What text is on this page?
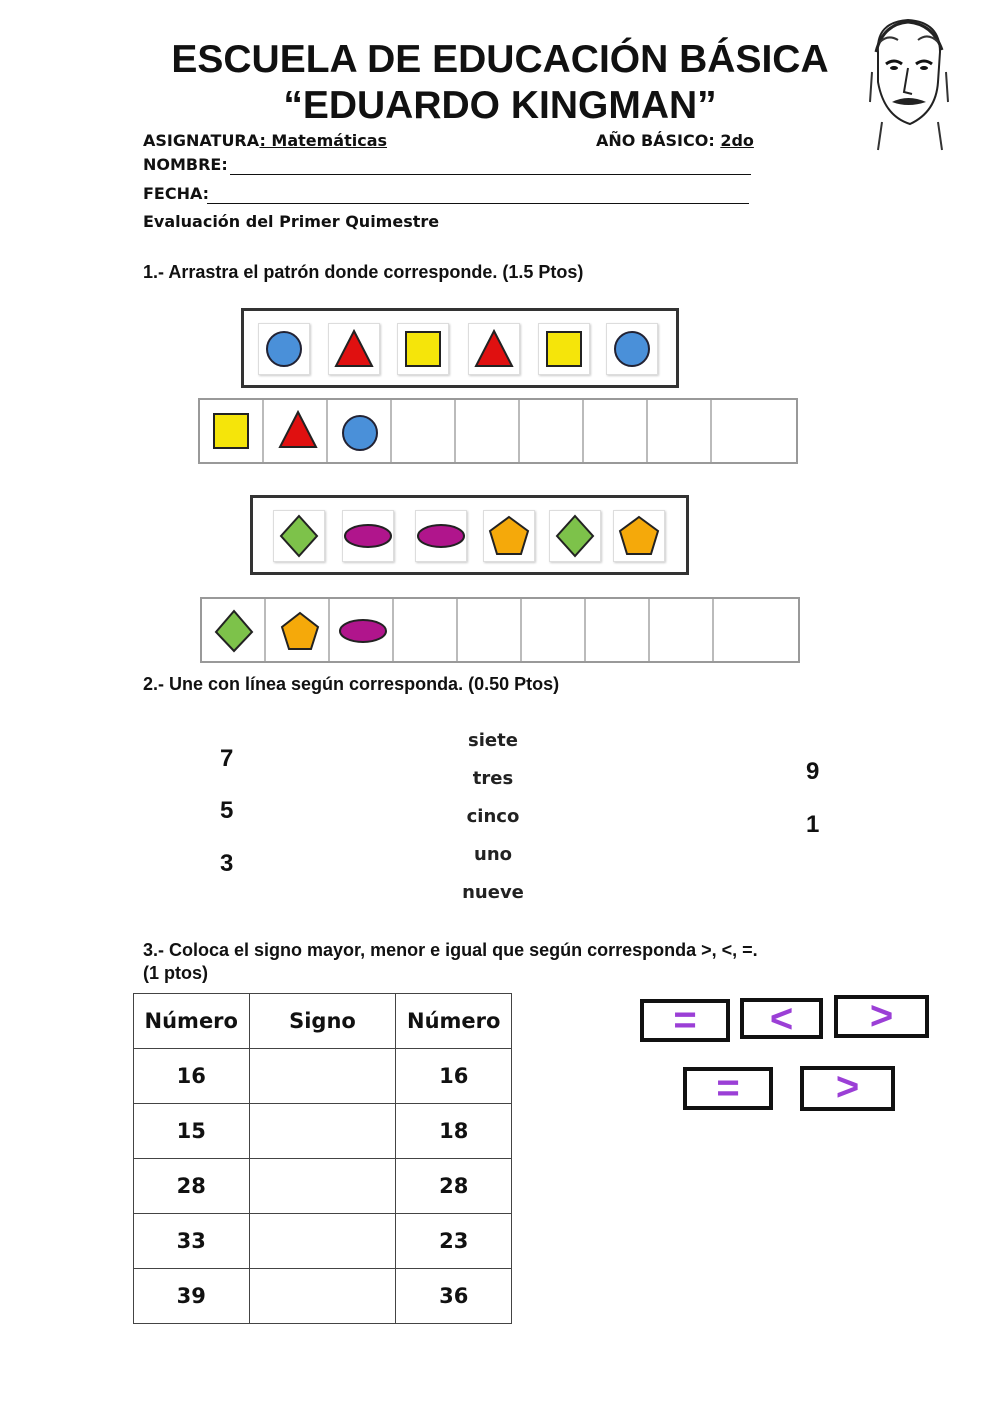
ESCUELA DE EDUCACIÓN BÁSICA
“EDUARDO KINGMAN”
ASIGNATURA: Matemáticas	AÑO BÁSICO: 2do
NOMBRE:
FECHA:
Evaluación del Primer Quimestre
1.- Arrastra el patrón donde corresponde. (1.5 Ptos)
2.- Une con línea según corresponda. (0.50 Ptos)
7
5
3
siete
tres
cinco
uno
nueve
9
1
3.- Coloca el signo mayor, menor e igual que según corresponda >, <, =.
(1 ptos)
Número	Signo	Número
16		16
15		18
28		28
33		23
39		36
=	<	>
=	>
